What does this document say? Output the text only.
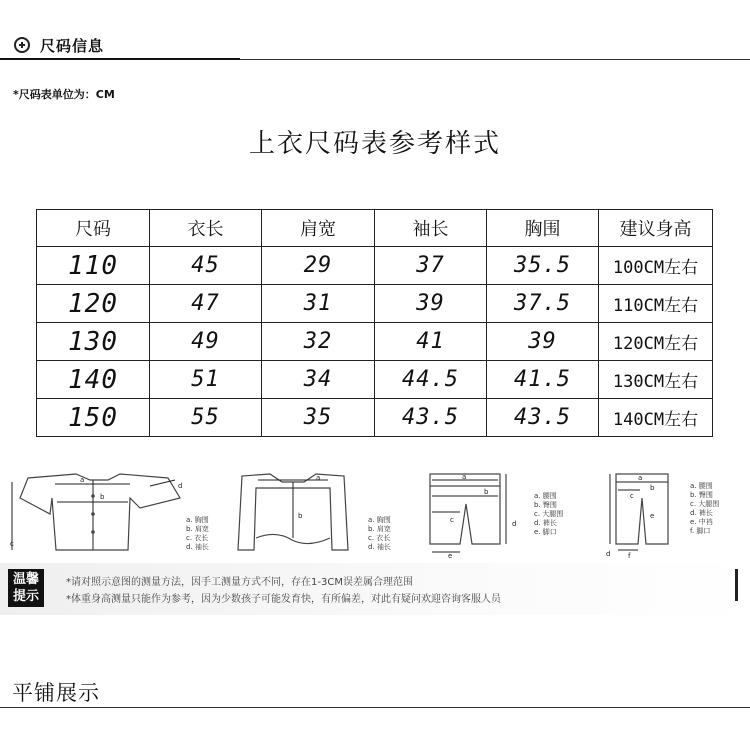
尺码信息
*尺码表单位为：CM
上衣尺码表参考样式
尺码	衣长	肩宽	袖长	胸围	建议身高
110	45	29	37	35.5	100CM左右
120	47	31	39	37.5	110CM左右
130	49	32	41	39	120CM左右
140	51	34	44.5	41.5	130CM左右
150	55	35	43.5	43.5	140CM左右
a
b
c
d
a. 胸围
b. 肩宽
c. 衣长
d. 袖长
a
b	a. 胸围
b. 肩宽
c. 衣长
d. 袖长
a
b
c	d
e
a. 腰围
b. 臀围
c. 大腿围
d. 裤长
e. 脚口
a
b
c
d
e
f
a. 腰围
b. 臀围
c. 大腿围
d. 裤长
e. 中裆
f. 脚口
温馨
提示
*请对照示意图的测量方法，因手工测量方式不同，存在1-3CM误差属合理范围
*体重身高测量只能作为参考，因为少数孩子可能发育快，有所偏差，对此有疑问欢迎咨询客服人员
平铺展示
